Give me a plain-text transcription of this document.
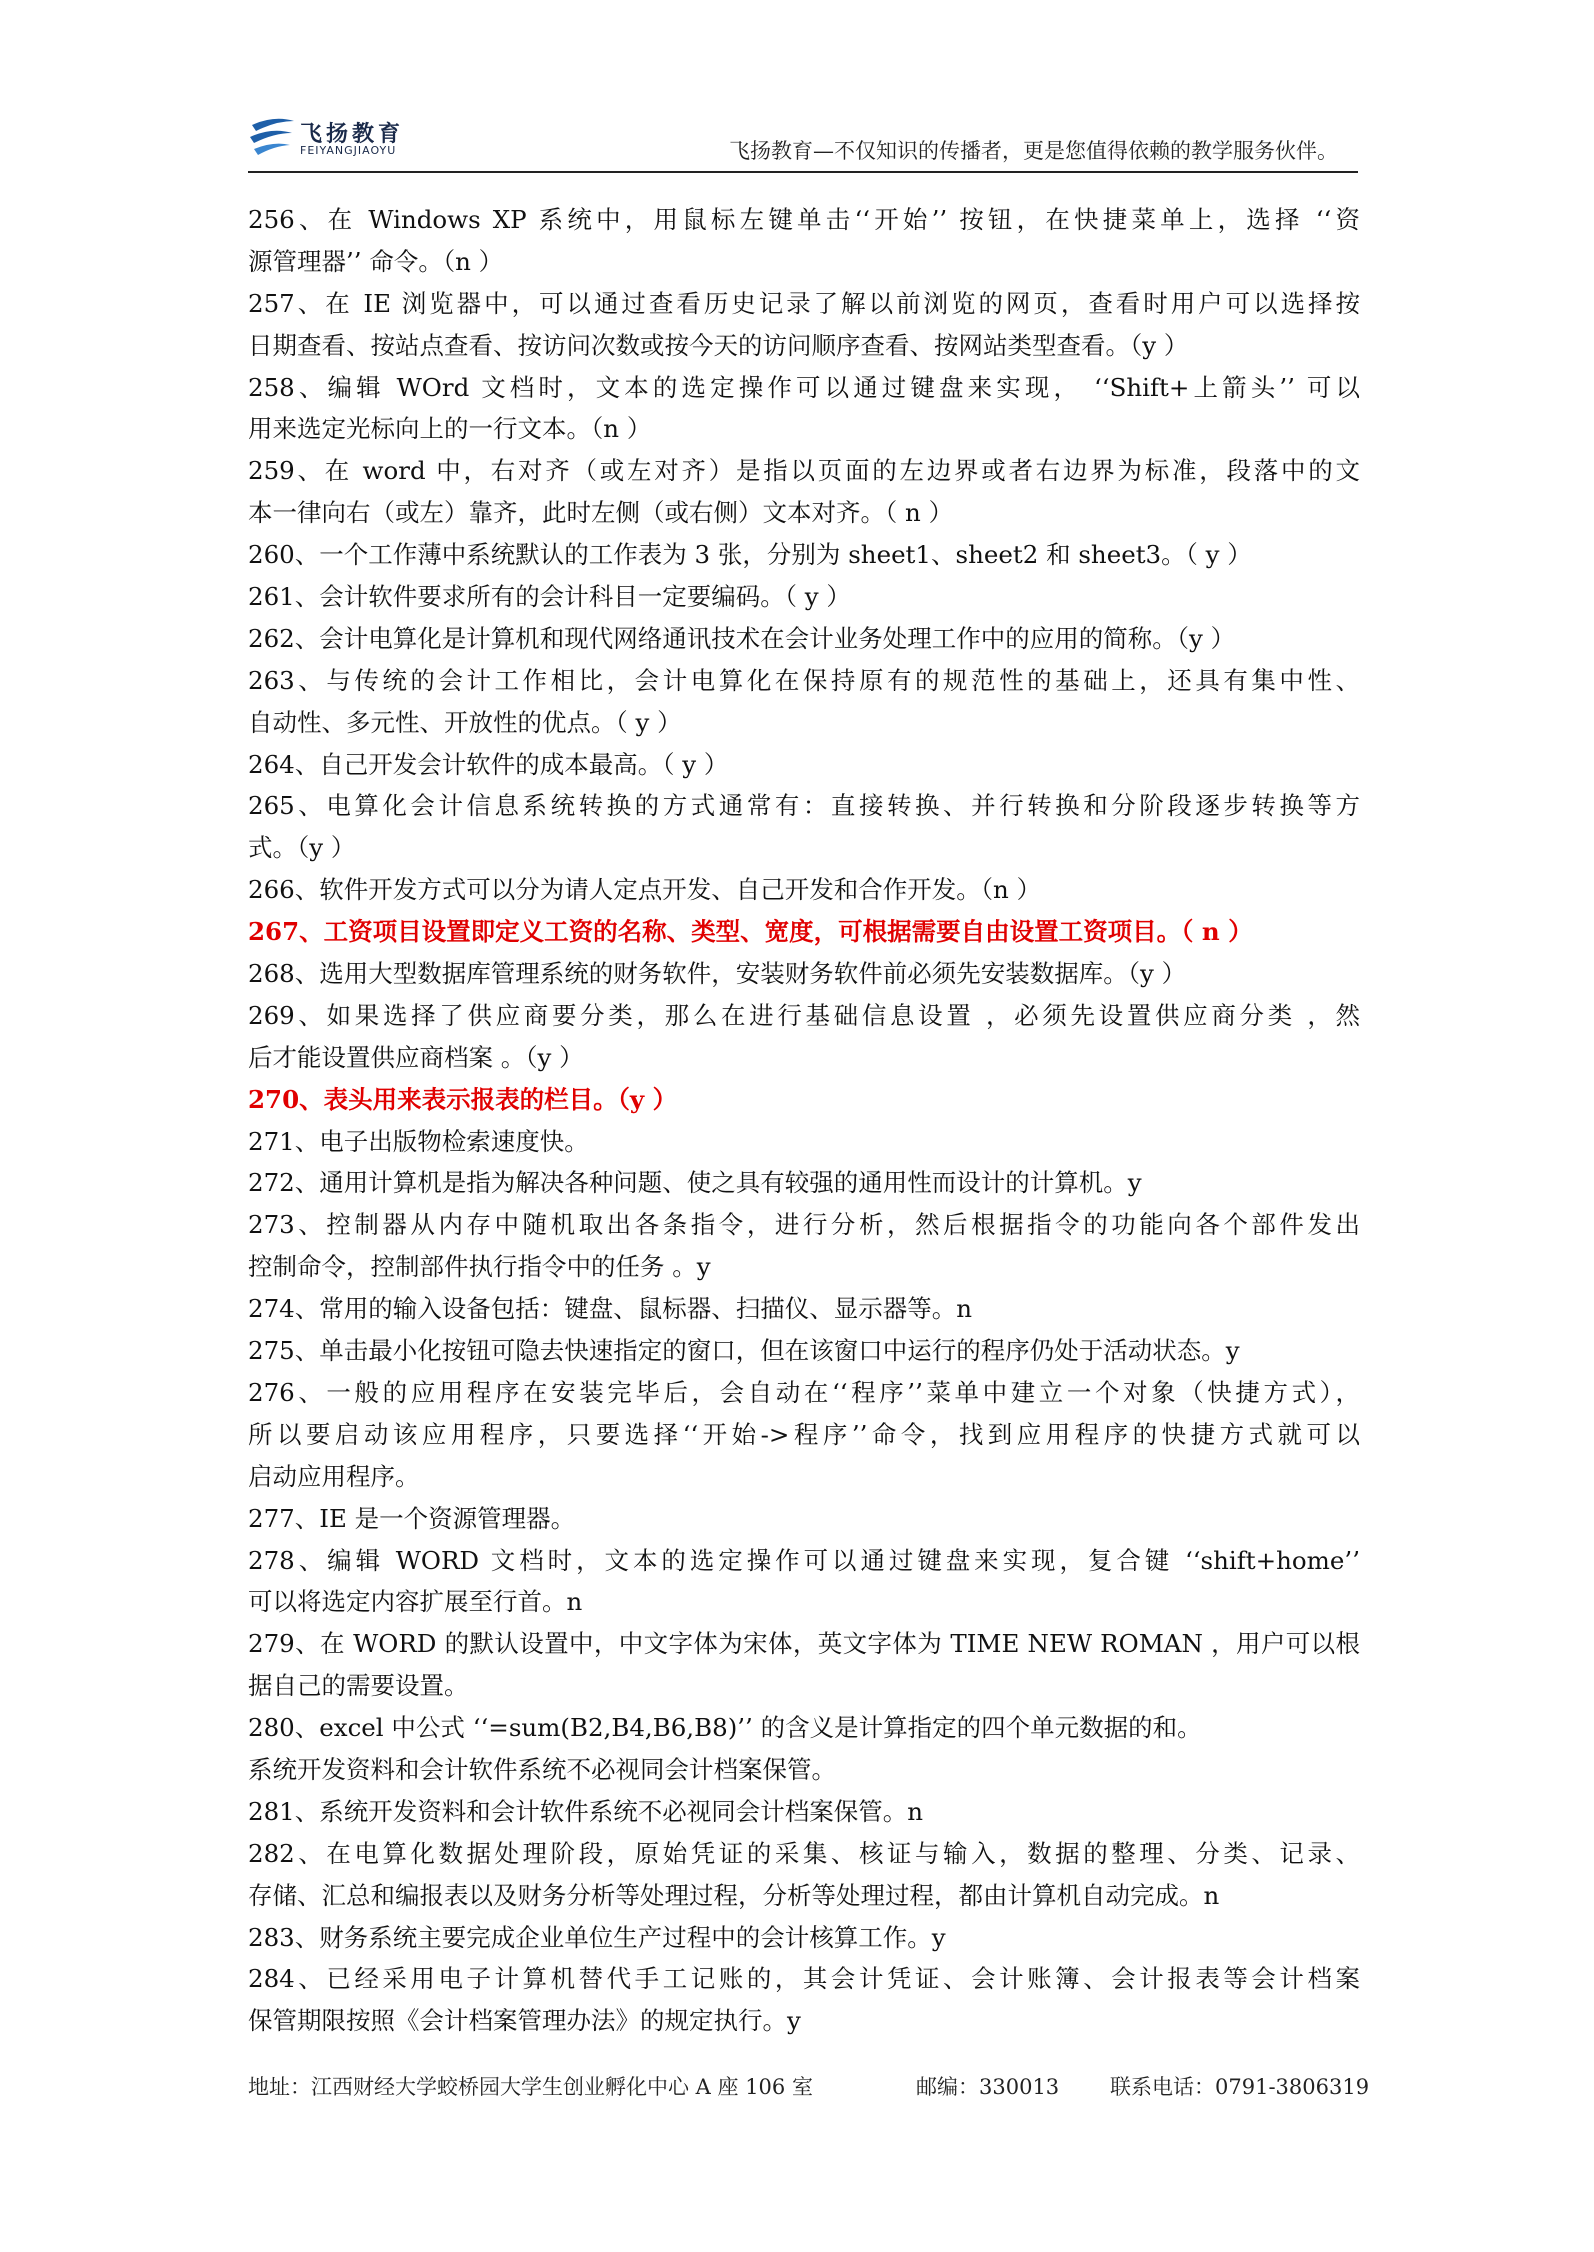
飞扬教育
FEIYANGJIAOYU	飞扬教育—不仅知识的传播者，更是您值得依赖的教学服务伙伴。
256、在 Windows XP 系统中，用鼠标左键单击‘‘开始’’ 按钮，在快捷菜单上，选择 ‘‘资
源管理器’’ 命令。（n ）
257、在 IE 浏览器中，可以通过查看历史记录了解以前浏览的网页，查看时用户可以选择按
日期查看、按站点查看、按访问次数或按今天的访问顺序查看、按网站类型查看。（y ）
258、编辑 WOrd 文档时，文本的选定操作可以通过键盘来实现， ‘‘Shift+上箭头’’ 可以
用来选定光标向上的一行文本。（n ）
259、在 word 中，右对齐（或左对齐）是指以页面的左边界或者右边界为标准，段落中的文
本一律向右（或左）靠齐，此时左侧（或右侧）文本对齐。（ n ）
260、一个工作薄中系统默认的工作表为 3 张，分别为 sheet1、sheet2 和 sheet3。（ y ）
261、会计软件要求所有的会计科目一定要编码。（ y ）
262、会计电算化是计算机和现代网络通讯技术在会计业务处理工作中的应用的简称。（y ）
263、与传统的会计工作相比，会计电算化在保持原有的规范性的基础上，还具有集中性、
自动性、多元性、开放性的优点。（ y ）
264、自己开发会计软件的成本最高。（ y ）
265、电算化会计信息系统转换的方式通常有：直接转换、并行转换和分阶段逐步转换等方
式。（y ）
266、软件开发方式可以分为请人定点开发、自己开发和合作开发。（n ）
267、工资项目设置即定义工资的名称、类型、宽度，可根据需要自由设置工资项目。（ n ）
268、选用大型数据库管理系统的财务软件，安装财务软件前必须先安装数据库。（y ）
269、如果选择了供应商要分类，那么在进行基础信息设置 ，必须先设置供应商分类 ，然
后才能设置供应商档案 。（y ）
270、表头用来表示报表的栏目。（y ）
271、电子出版物检索速度快。
272、通用计算机是指为解决各种问题、使之具有较强的通用性而设计的计算机。y
273、控制器从内存中随机取出各条指令，进行分析，然后根据指令的功能向各个部件发出
控制命令，控制部件执行指令中的任务 。y
274、常用的输入设备包括：键盘、鼠标器、扫描仪、显示器等。n
275、单击最小化按钮可隐去快速指定的窗口，但在该窗口中运行的程序仍处于活动状态。y
276、一般的应用程序在安装完毕后，会自动在‘‘程序’’菜单中建立一个对象（快捷方式），
所以要启动该应用程序，只要选择‘‘开始->程序’’命令，找到应用程序的快捷方式就可以
启动应用程序。
277、IE 是一个资源管理器。
278、编辑 WORD 文档时，文本的选定操作可以通过键盘来实现，复合键 ‘‘shift+home’’
可以将选定内容扩展至行首。n
279、在 WORD 的默认设置中，中文字体为宋体，英文字体为 TIME NEW ROMAN ，用户可以根
据自己的需要设置。
280、excel 中公式 ‘‘=sum(B2,B4,B6,B8)’’ 的含义是计算指定的四个单元数据的和。
系统开发资料和会计软件系统不必视同会计档案保管。
281、系统开发资料和会计软件系统不必视同会计档案保管。n
282、在电算化数据处理阶段，原始凭证的采集、核证与输入，数据的整理、分类、记录、
存储、汇总和编报表以及财务分析等处理过程，分析等处理过程，都由计算机自动完成。n
283、财务系统主要完成企业单位生产过程中的会计核算工作。y
284、已经采用电子计算机替代手工记账的，其会计凭证、会计账簿、会计报表等会计档案
保管期限按照《会计档案管理办法》的规定执行。y
地址：江西财经大学蛟桥园大学生创业孵化中心 A 座 106 室	邮编：330013 联系电话：0791-3806319
